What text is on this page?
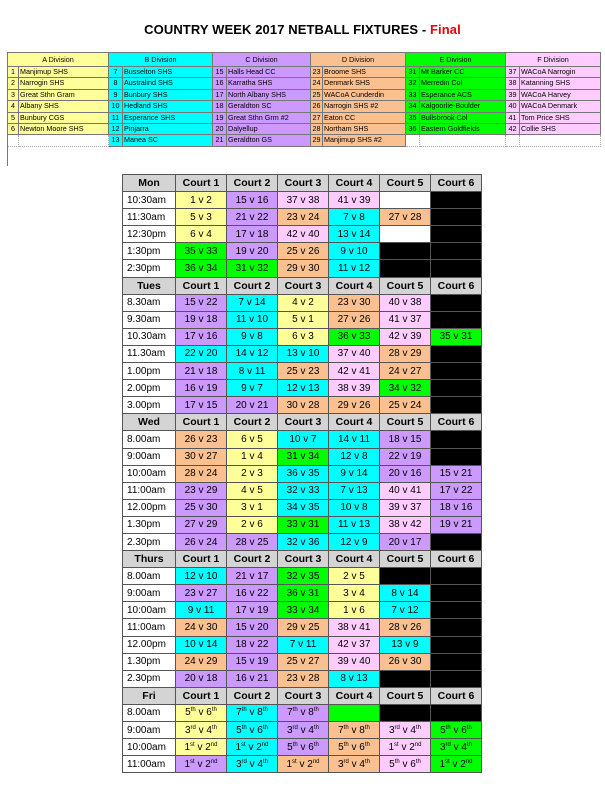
COUNTRY WEEK 2017 NETBALL FIXTURES - Final
A Division
1 Manjimup SHS
2 Narrogin SHS
3 Great Sthn Gram
4 Albany SHS
5 Bunbury CGS
6 Newton Moore SHS
B Division
7 Busselton SHS
8 Australind SHS
9 Bunbury SHS
10 Hedland SHS
11 Esperance SHS
12 Pinjarra
13 Manea SC
C Division
15 Halls Head CC
16 Karratha SHS
17 North Albany SHS
18 Geraldton SC
19 Great Sthn Grm #2
20 Dalyellup
21 Geraldton GS
D Division
23 Broome SHS
24 Denmark SHS
25 WACoA Cunderdin
26 Narrogin SHS #2
27 Eaton CC
28 Northam SHS
29 Manjimup SHS #2
E Division
31 Mt Barker CC
32 Merredin Col
33 Esperance ACS
34 Kalgoorlie-Boulder
35 Bullsbrook Col
36 Eastern Goldfields
F Division
37 WACoA Narrogin
38 Katanning SHS
39 WACoA Harvey
40 WACoA Denmark
41 Tom Price SHS
42 Collie SHS
Mon	Court 1	Court 2	Court 3	Court 4	Court 5	Court 6
10:30am	1 v 2	15 v 16	37 v 38	41 v 39		
11:30am	5 v 3	21 v 22	23 v 24	7 v 8	27 v 28	
12:30pm	6 v 4	17 v 18	42 v 40	13 v 14		
1:30pm	35 v 33	19 v 20	25 v 26	9 v 10		
2:30pm	36 v 34	31 v 32	29 v 30	11 v 12		
Tues	Court 1	Court 2	Court 3	Court 4	Court 5	Court 6
8.30am	15 v 22	7 v 14	4 v 2	23 v 30	40 v 38	
9.30am	19 v 18	11 v 10	5 v 1	27 v 26	41 v 37	
10.30am	17 v 16	9 v 8	6 v 3	36 v 33	42 v 39	35 v 31
11.30am	22 v 20	14 v 12	13 v 10	37 v 40	28 v 29	
1.00pm	21 v 18	8 v 11	25 v 23	42 v 41	24 v 27	
2.00pm	16 v 19	9 v 7	12 v 13	38 v 39	34 v 32	
3.00pm	17 v 15	20 v 21	30 v 28	29 v 26	25 v 24	
Wed	Court 1	Court 2	Court 3	Court 4	Court 5	Court 6
8.00am	26 v 23	6 v 5	10 v 7	14 v 11	18 v 15	
9:00am	30 v 27	1 v 4	31 v 34	12 v 8	22 v 19	
10:00am	28 v 24	2 v 3	36 v 35	9 v 14	20 v 16	15 v 21
11:00am	23 v 29	4 v 5	32 v 33	7 v 13	40 v 41	17 v 22
12.00pm	25 v 30	3 v 1	34 v 35	10 v 8	39 v 37	18 v 16
1.30pm	27 v 29	2 v 6	33 v 31	11 v 13	38 v 42	19 v 21
2.30pm	26 v 24	28 v 25	32 v 36	12 v 9	20 v 17	
Thurs	Court 1	Court 2	Court 3	Court 4	Court 5	Court 6
8.00am	12 v 10	21 v 17	32 v 35	2 v 5		
9:00am	23 v 27	16 v 22	36 v 31	3 v 4	8 v 14	
10:00am	9 v 11	17 v 19	33 v 34	1 v 6	7 v 12	
11:00am	24 v 30	15 v 20	29 v 25	38 v 41	28 v 26	
12.00pm	10 v 14	18 v 22	7 v 11	42 v 37	13 v 9	
1.30pm	24 v 29	15 v 19	25 v 27	39 v 40	26 v 30	
2.30pm	20 v 18	16 v 21	23 v 28	8 v 13		
Fri	Court 1	Court 2	Court 3	Court 4	Court 5	Court 6
8.00am	5th v 6th	7th v 8th	7th v 8th			
9:00am	3rd v 4th	5th v 6th	3rd v 4th	7th v 8th	3rd v 4th	5th v 6th
10:00am	1st v 2nd	1st v 2nd	5th v 6th	5th v 6th	1st v 2nd	3rd v 4th
11:00am	1st v 2nd	3rd v 4th	1st v 2nd	3rd v 4th	5th v 6th	1st v 2nd
